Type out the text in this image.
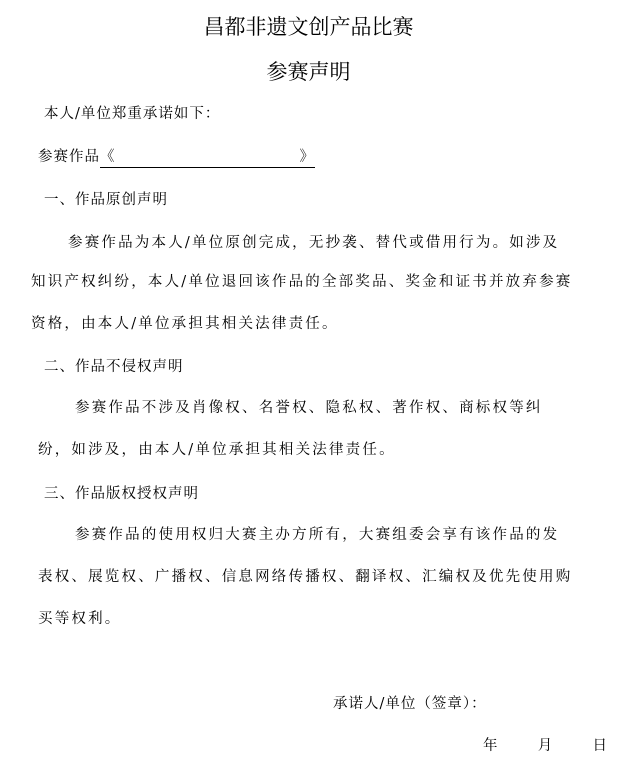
昌都非遗文创产品比赛
参赛声明
本人/单位郑重承诺如下：
参赛作品《	》
一、作品原创声明
参赛作品为本人/单位原创完成，无抄袭、替代或借用行为。如涉及
知识产权纠纷，本人/单位退回该作品的全部奖品、奖金和证书并放弃参赛
资格，由本人/单位承担其相关法律责任。
二、作品不侵权声明
参赛作品不涉及肖像权、名誉权、隐私权、著作权、商标权等纠
纷，如涉及，由本人/单位承担其相关法律责任。
三、作品版权授权声明
参赛作品的使用权归大赛主办方所有，大赛组委会享有该作品的发
表权、展览权、广播权、信息网络传播权、翻译权、汇编权及优先使用购
买等权利。
承诺人/单位（签章）：
年	月	日
